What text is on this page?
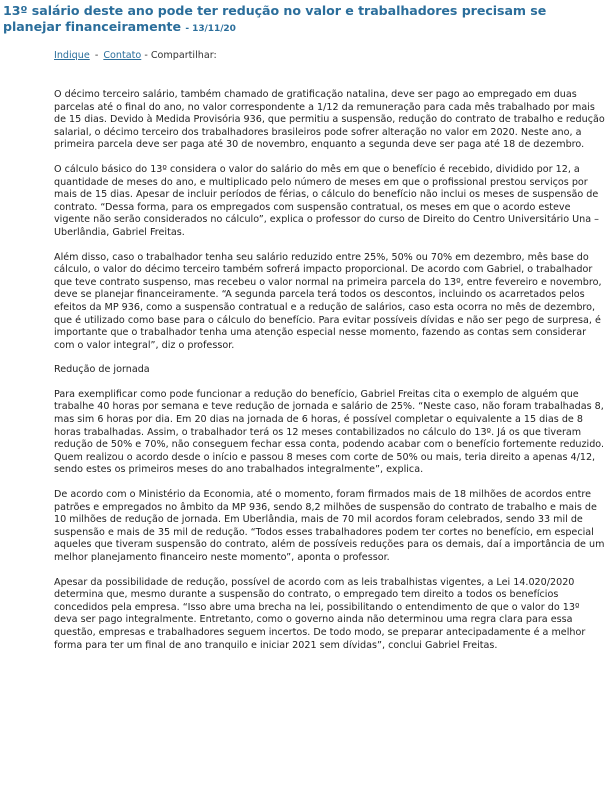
13º salário deste ano pode ter redução no valor e trabalhadores precisam se planejar financeiramente - 13/11/20
Indique - Contato - Compartilhar:

O décimo terceiro salário, também chamado de gratificação natalina, deve ser pago ao empregado em duas parcelas até o final do ano, no valor correspondente a 1/12 da remuneração para cada mês trabalhado por mais de 15 dias. Devido à Medida Provisória 936, que permitiu a suspensão, redução do contrato de trabalho e redução salarial, o décimo terceiro dos trabalhadores brasileiros pode sofrer alteração no valor em 2020. Neste ano, a primeira parcela deve ser paga até 30 de novembro, enquanto a segunda deve ser paga até 18 de dezembro.

O cálculo básico do 13º considera o valor do salário do mês em que o benefício é recebido, dividido por 12, a quantidade de meses do ano, e multiplicado pelo número de meses em que o profissional prestou serviços por mais de 15 dias. Apesar de incluir períodos de férias, o cálculo do benefício não inclui os meses de suspensão de contrato. “Dessa forma, para os empregados com suspensão contratual, os meses em que o acordo esteve vigente não serão considerados no cálculo”, explica o professor do curso de Direito do Centro Universitário Una – Uberlândia, Gabriel Freitas.

Além disso, caso o trabalhador tenha seu salário reduzido entre 25%, 50% ou 70% em dezembro, mês base do cálculo, o valor do décimo terceiro também sofrerá impacto proporcional. De acordo com Gabriel, o trabalhador que teve contrato suspenso, mas recebeu o valor normal na primeira parcela do 13º, entre fevereiro e novembro, deve se planejar financeiramente. “A segunda parcela terá todos os descontos, incluindo os acarretados pelos efeitos da MP 936, como a suspensão contratual e a redução de salários, caso esta ocorra no mês de dezembro, que é utilizado como base para o cálculo do benefício. Para evitar possíveis dívidas e não ser pego de surpresa, é importante que o trabalhador tenha uma atenção especial nesse momento, fazendo as contas sem considerar com o valor integral”, diz o professor.

Redução de jornada

Para exemplificar como pode funcionar a redução do benefício, Gabriel Freitas cita o exemplo de alguém que trabalhe 40 horas por semana e teve redução de jornada e salário de 25%. “Neste caso, não foram trabalhadas 8, mas sim 6 horas por dia. Em 20 dias na jornada de 6 horas, é possível completar o equivalente a 15 dias de 8 horas trabalhadas. Assim, o trabalhador terá os 12 meses contabilizados no cálculo do 13º. Já os que tiveram redução de 50% e 70%, não conseguem fechar essa conta, podendo acabar com o benefício fortemente reduzido. Quem realizou o acordo desde o início e passou 8 meses com corte de 50% ou mais, teria direito a apenas 4/12, sendo estes os primeiros meses do ano trabalhados integralmente”, explica.

De acordo com o Ministério da Economia, até o momento, foram firmados mais de 18 milhões de acordos entre patrões e empregados no âmbito da MP 936, sendo 8,2 milhões de suspensão do contrato de trabalho e mais de 10 milhões de redução de jornada. Em Uberlândia, mais de 70 mil acordos foram celebrados, sendo 33 mil de suspensão e mais de 35 mil de redução. “Todos esses trabalhadores podem ter cortes no benefício, em especial aqueles que tiveram suspensão do contrato, além de possíveis reduções para os demais, daí a importância de um melhor planejamento financeiro neste momento”, aponta o professor.

Apesar da possibilidade de redução, possível de acordo com as leis trabalhistas vigentes, a Lei 14.020/2020 determina que, mesmo durante a suspensão do contrato, o empregado tem direito a todos os benefícios concedidos pela empresa. “Isso abre uma brecha na lei, possibilitando o entendimento de que o valor do 13º deva ser pago integralmente. Entretanto, como o governo ainda não determinou uma regra clara para essa questão, empresas e trabalhadores seguem incertos. De todo modo, se preparar antecipadamente é a melhor forma para ter um final de ano tranquilo e iniciar 2021 sem dívidas”, conclui Gabriel Freitas.
